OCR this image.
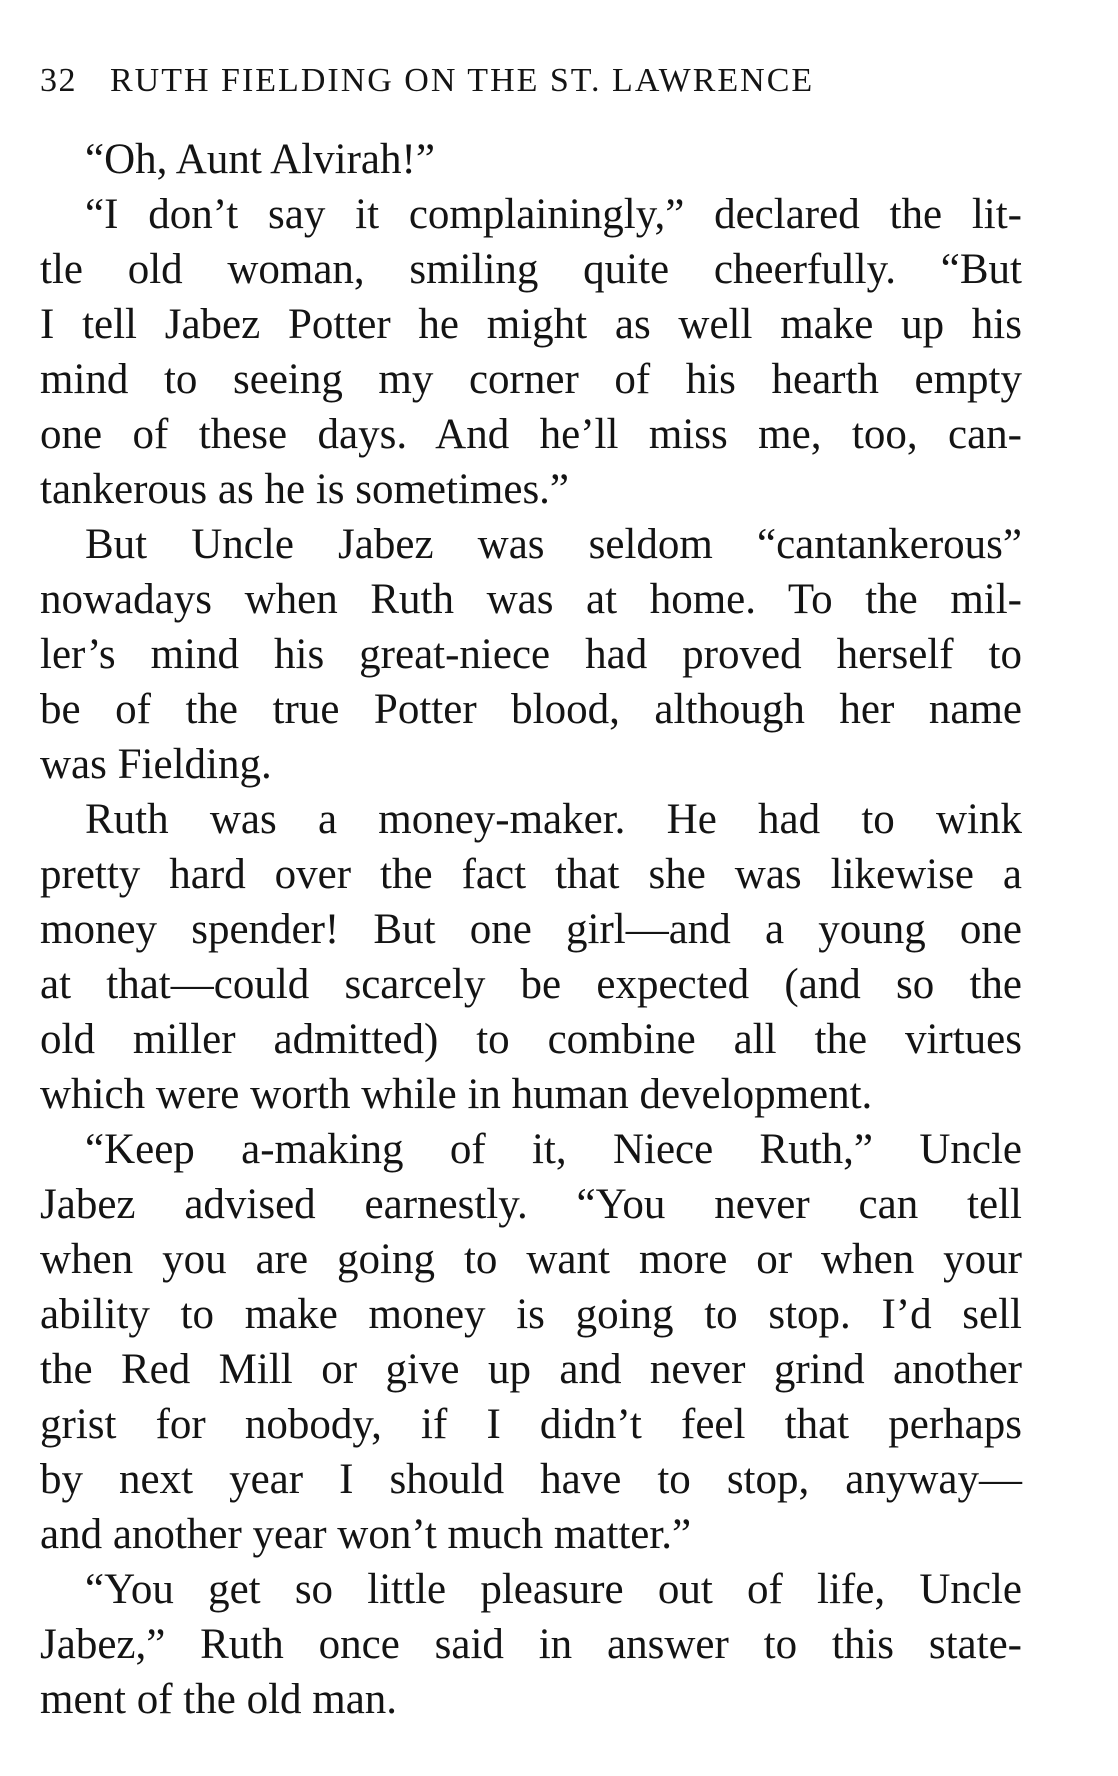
32 RUTH FIELDING ON THE ST. LAWRENCE
“Oh, Aunt Alvirah!”
“I don’t say it complainingly,” declared the lit-
tle old woman, smiling quite cheerfully. “But
I tell Jabez Potter he might as well make up his
mind to seeing my corner of his hearth empty
one of these days. And he’ll miss me, too, can-
tankerous as he is sometimes.”
But Uncle Jabez was seldom “cantankerous”
nowadays when Ruth was at home. To the mil-
ler’s mind his great-niece had proved herself to
be of the true Potter blood, although her name
was Fielding.
Ruth was a money-maker. He had to wink
pretty hard over the fact that she was likewise a
money spender! But one girl—and a young one
at that—could scarcely be expected (and so the
old miller admitted) to combine all the virtues
which were worth while in human development.
“Keep a-making of it, Niece Ruth,” Uncle
Jabez advised earnestly. “You never can tell
when you are going to want more or when your
ability to make money is going to stop. I’d sell
the Red Mill or give up and never grind another
grist for nobody, if I didn’t feel that perhaps
by next year I should have to stop, anyway—
and another year won’t much matter.”
“You get so little pleasure out of life, Uncle
Jabez,” Ruth once said in answer to this state-
ment of the old man.
